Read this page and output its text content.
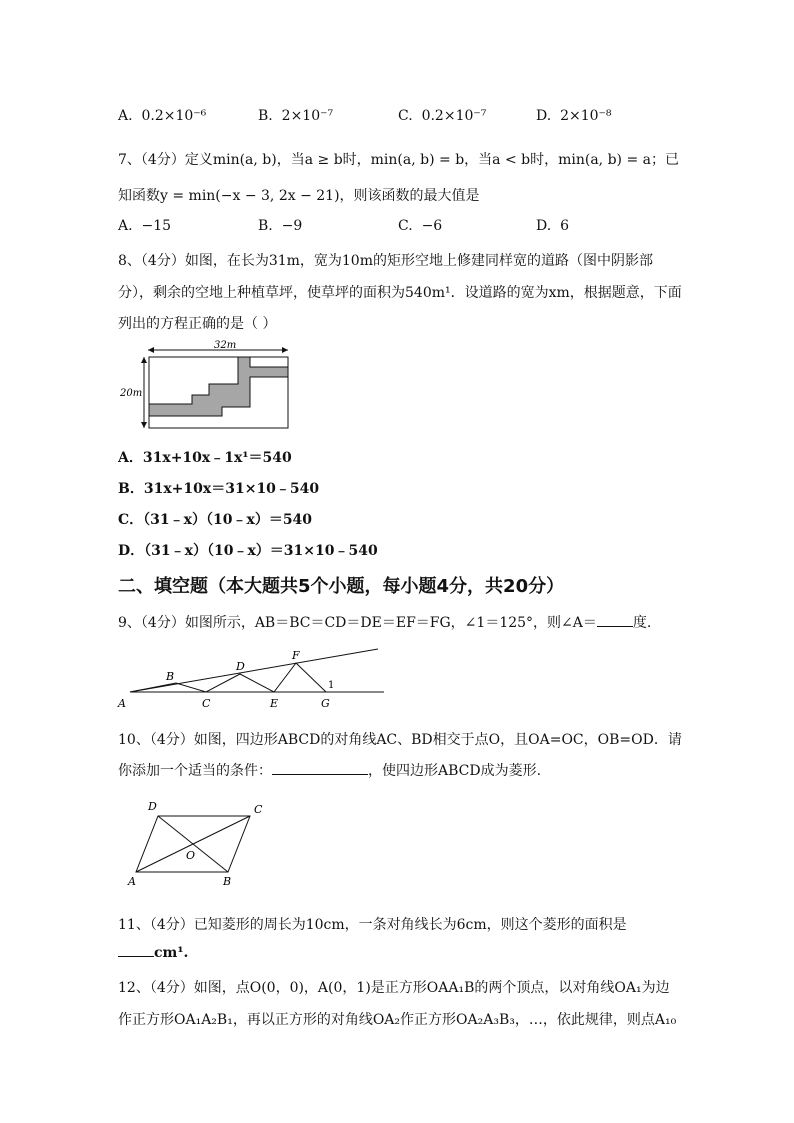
A. 0.2×10⁻⁶	B. 2×10⁻⁷	C. 0.2×10⁻⁷	D. 2×10⁻⁸
7、（4分）定义min(a, b)，当a ≥ b时，min(a, b) = b，当a < b时，min(a, b) = a；已
知函数y = min(−x − 3, 2x − 21)，则该函数的最大值是
A. −15	B. −9	C. −6	D. 6
8、（4分）如图，在长为31m，宽为10m的矩形空地上修建同样宽的道路（图中阴影部
分），剩余的空地上种植草坪，使草坪的面积为540m¹．设道路的宽为xm，根据题意，下面
列出的方程正确的是（ ）
32m
20m
A．31x+10x﹣1x¹＝540
B．31x+10x＝31×10﹣540
C．（31﹣x）（10﹣x）＝540
D．（31﹣x）（10﹣x）＝31×10﹣540
二、填空题（本大题共5个小题，每小题4分，共20分）
9、（4分）如图所示，AB＝BC＝CD＝DE＝EF＝FG，∠1＝125°，则∠A＝	度.
A
B
C
D
E
F
G
1
10、（4分）如图，四边形ABCD的对角线AC、BD相交于点O，且OA=OC，OB=OD．请
你添加一个适当的条件：	，使四边形ABCD成为菱形.
D	C
O
A	B
11、（4分）已知菱形的周长为10cm，一条对角线长为6cm，则这个菱形的面积是
cm¹.
12、（4分）如图，点O(0，0)，A(0，1)是正方形OAA₁B的两个顶点，以对角线OA₁为边
作正方形OA₁A₂B₁，再以正方形的对角线OA₂作正方形OA₂A₃B₃，…，依此规律，则点A₁₀
